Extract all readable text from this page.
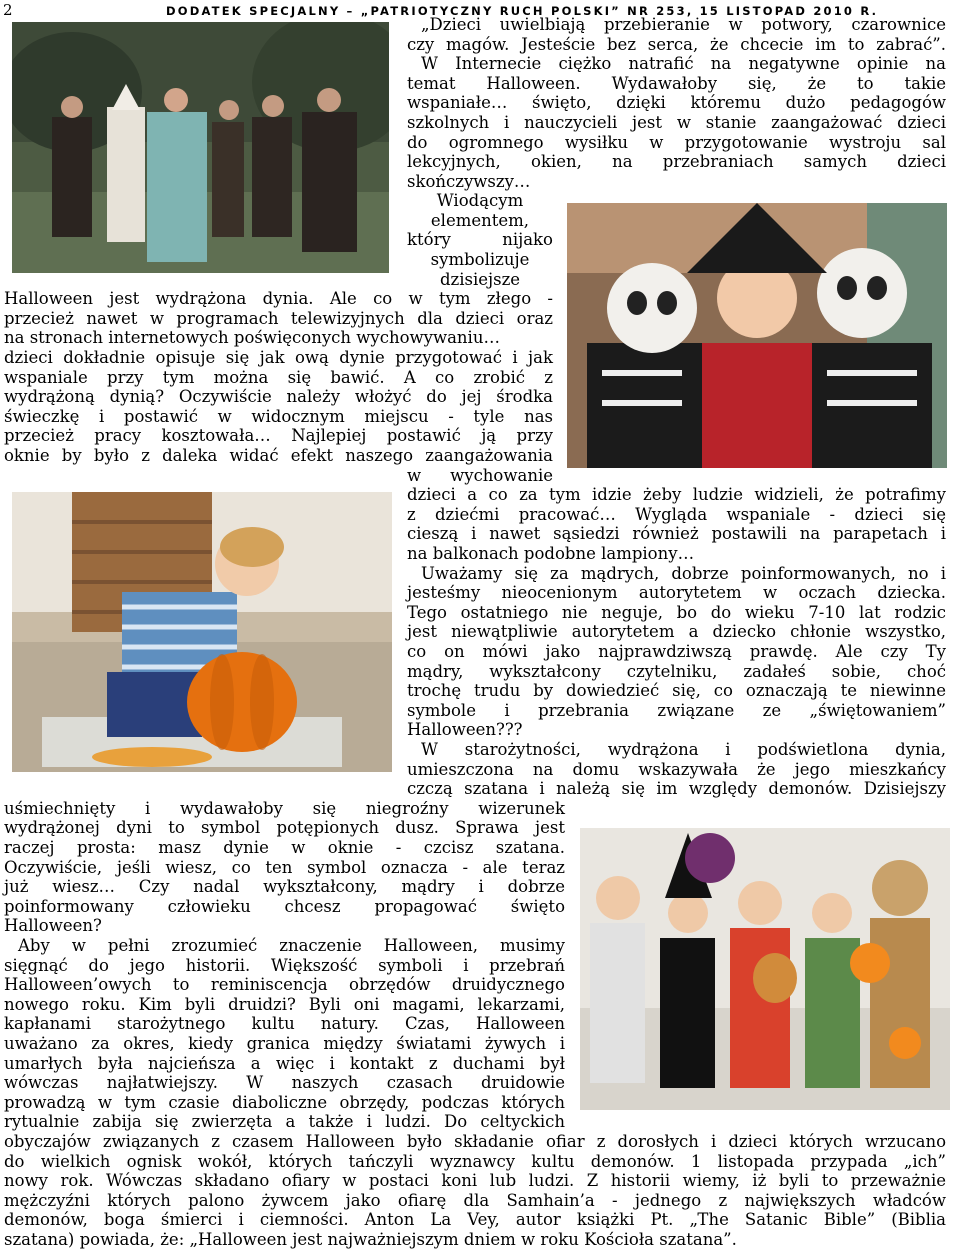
2	DODATEK SPECJALNY – „PATRIOTYCZNY RUCH POLSKI” NR 253, 15 LISTOPAD 2010 R.
„Dzieci uwielbiają przebieranie w potwory, czarownice
czy magów. Jesteście bez serca, że chcecie im to zabrać”.
W Internecie ciężko natrafić na negatywne opinie na
temat Halloween. Wydawałoby się, że to takie
wspaniałe… święto, dzięki któremu dużo pedagogów
szkolnych i nauczycieli jest w stanie zaangażować dzieci
do ogromnego wysiłku w przygotowanie wystroju sal
lekcyjnych, okien, na przebraniach samych dzieci
skończywszy…
Wiodącym
elementem,
który nijako
symbolizuje
dzisiejsze
Halloween jest wydrążona dynia. Ale co w tym złego -
przecież nawet w programach telewizyjnych dla dzieci oraz
na stronach internetowych poświęconych wychowywaniu…
dzieci dokładnie opisuje się jak ową dynie przygotować i jak
wspaniale przy tym można się bawić. A co zrobić z
wydrążoną dynią? Oczywiście należy włożyć do jej środka
świeczkę i postawić w widocznym miejscu - tyle nas
przecież pracy kosztowała… Najlepiej postawić ją przy
oknie by było z daleka widać efekt naszego zaangażowania
w wychowanie
dzieci a co za tym idzie żeby ludzie widzieli, że potrafimy
z dziećmi pracować… Wygląda wspaniale - dzieci się
cieszą i nawet sąsiedzi również postawili na parapetach i
na balkonach podobne lampiony…
Uważamy się za mądrych, dobrze poinformowanych, no i
jesteśmy nieocenionym autorytetem w oczach dziecka.
Tego ostatniego nie neguje, bo do wieku 7-10 lat rodzic
jest niewątpliwie autorytetem a dziecko chłonie wszystko,
co on mówi jako najprawdziwszą prawdę. Ale czy Ty
mądry, wykształcony czytelniku, zadałeś sobie, choć
trochę trudu by dowiedzieć się, co oznaczają te niewinne
symbole i przebrania związane ze „świętowaniem”
Halloween???
W starożytności, wydrążona i podświetlona dynia,
umieszczona na domu wskazywała że jego mieszkańcy
czczą szatana i należą się im względy demonów. Dzisiejszy
uśmiechnięty i wydawałoby się niegroźny wizerunek
wydrążonej dyni to symbol potępionych dusz. Sprawa jest
raczej prosta: masz dynie w oknie - czcisz szatana.
Oczywiście, jeśli wiesz, co ten symbol oznacza - ale teraz
już wiesz… Czy nadal wykształcony, mądry i dobrze
poinformowany człowieku chcesz propagować święto
Halloween?
Aby w pełni zrozumieć znaczenie Halloween, musimy
sięgnąć do jego historii. Większość symboli i przebrań
Halloween’owych to reminiscencja obrzędów druidycznego
nowego roku. Kim byli druidzi? Byli oni magami, lekarzami,
kapłanami starożytnego kultu natury. Czas, Halloween
uważano za okres, kiedy granica między światami żywych i
umarłych była najcieńsza a więc i kontakt z duchami był
wówczas najłatwiejszy. W naszych czasach druidowie
prowadzą w tym czasie diaboliczne obrzędy, podczas których
rytualnie zabija się zwierzęta a także i ludzi. Do celtyckich
obyczajów związanych z czasem Halloween było składanie ofiar z dorosłych i dzieci których wrzucano
do wielkich ognisk wokół, których tańczyli wyznawcy kultu demonów. 1 listopada przypada „ich”
nowy rok. Wówczas składano ofiary w postaci koni lub ludzi. Z historii wiemy, iż byli to przeważnie
mężczyźni których palono żywcem jako ofiarę dla Samhain’a - jednego z największych władców
demonów, boga śmierci i ciemności. Anton La Vey, autor książki Pt. „The Satanic Bible” (Biblia
szatana) powiada, że: „Halloween jest najważniejszym dniem w roku Kościoła szatana”.
